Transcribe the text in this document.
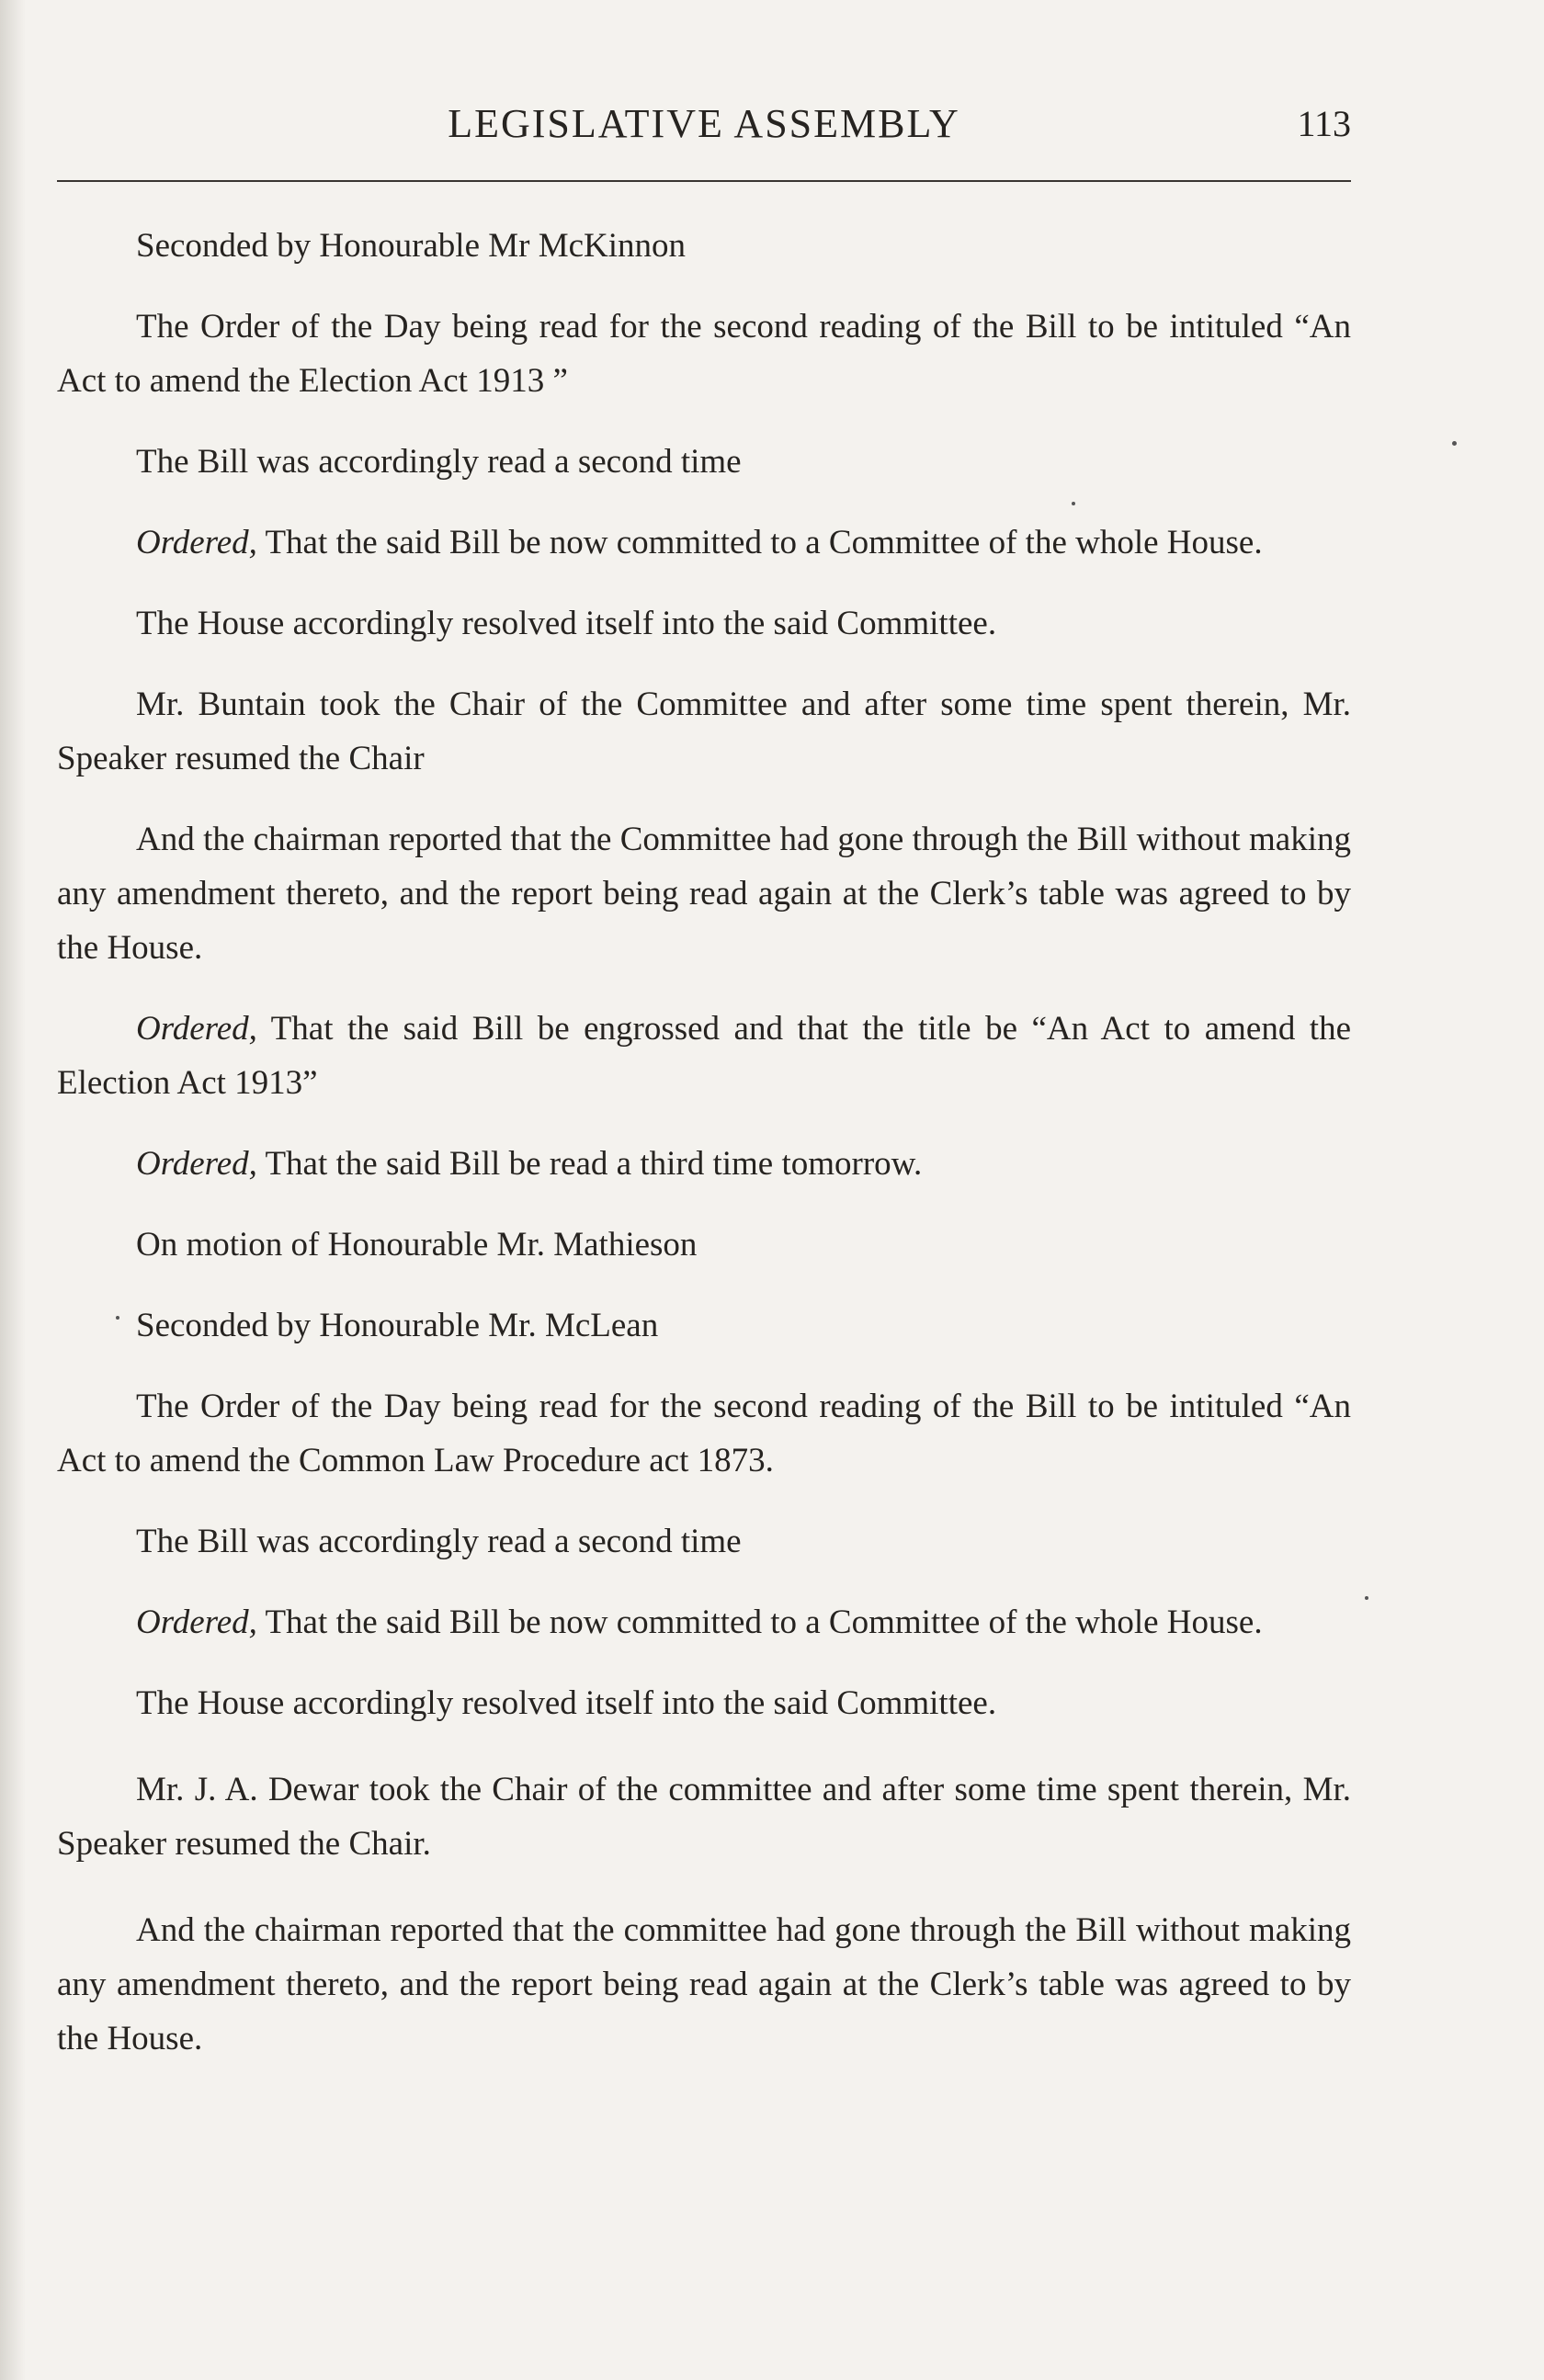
LEGISLATIVE ASSEMBLY	113

Seconded by Honourable Mr McKinnon

The Order of the Day being read for the second reading of the Bill to be intituled “An Act to amend the Election Act 1913 ”

The Bill was accordingly read a second time

Ordered, That the said Bill be now committed to a Committee of the whole House.

The House accordingly resolved itself into the said Committee.

Mr. Buntain took the Chair of the Committee and after some time spent therein, Mr. Speaker resumed the Chair

And the chairman reported that the Committee had gone through the Bill without making any amendment thereto, and the report being read again at the Clerk’s table was agreed to by the House.

Ordered, That the said Bill be engrossed and that the title be “An Act to amend the Election Act 1913”

Ordered, That the said Bill be read a third time tomorrow.

On motion of Honourable Mr. Mathieson

Seconded by Honourable Mr. McLean

The Order of the Day being read for the second reading of the Bill to be intituled “An Act to amend the Common Law Procedure act 1873.

The Bill was accordingly read a second time

Ordered, That the said Bill be now committed to a Committee of the whole House.

The House accordingly resolved itself into the said Committee.

Mr. J. A. Dewar took the Chair of the committee and after some time spent therein, Mr. Speaker resumed the Chair.

And the chairman reported that the committee had gone through the Bill without making any amendment thereto, and the report being read again at the Clerk’s table was agreed to by the House.
